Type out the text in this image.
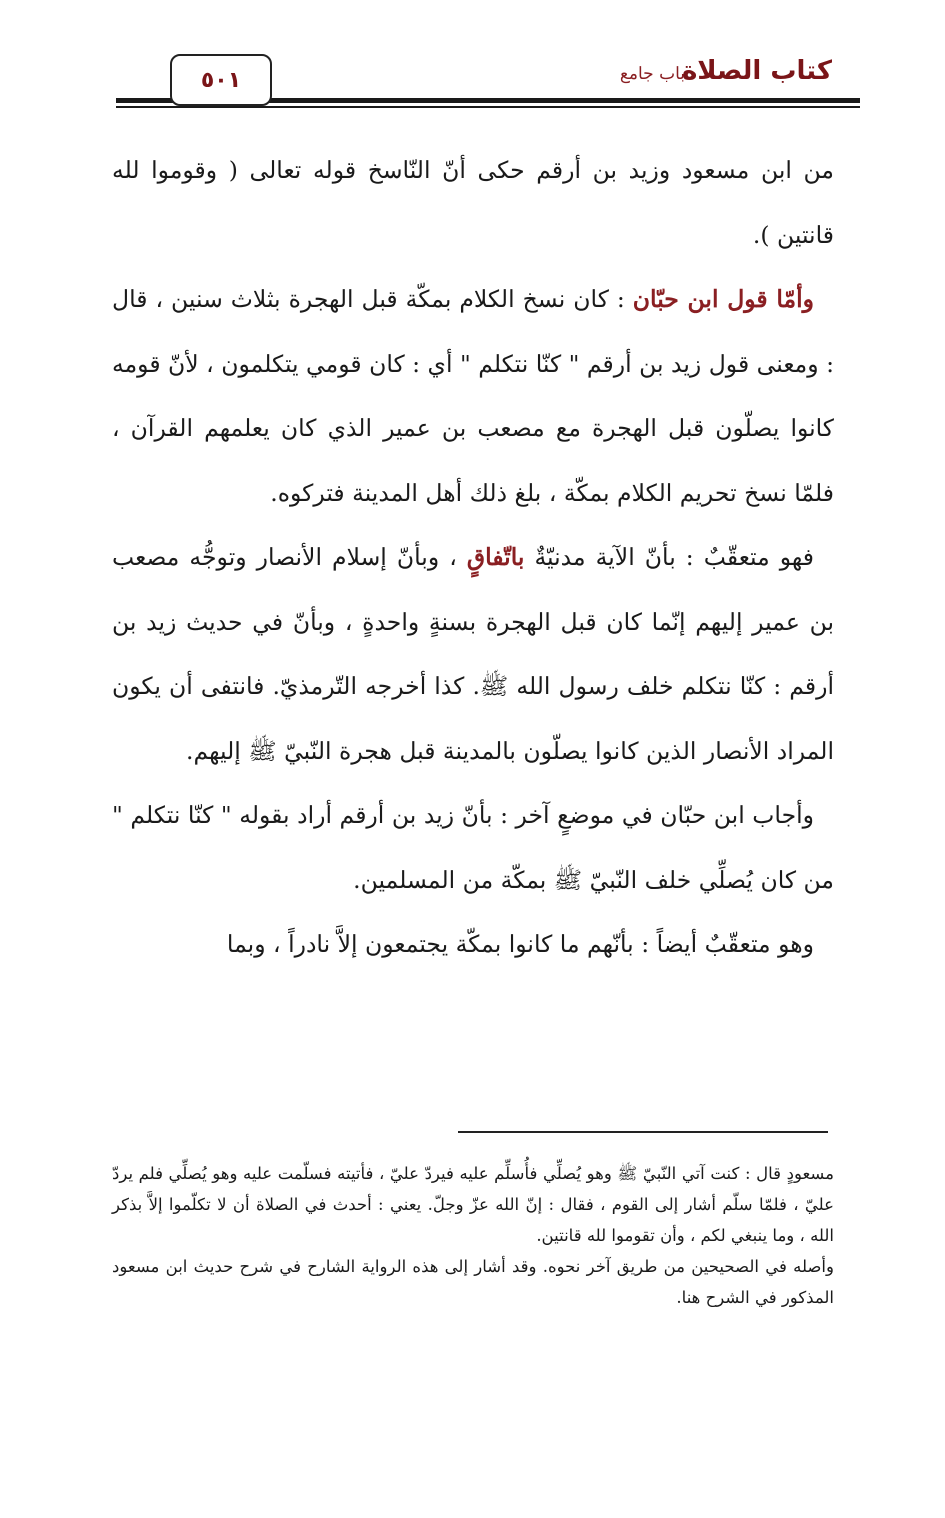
كتاب الصلاة
باب جامع
٥٠١

من ابن مسعود وزيد بن أرقم حكى أنّ النّاسخ قوله تعالى ( وقوموا لله قانتين ).

وأمّا قول ابن حبّان : كان نسخ الكلام بمكّة قبل الهجرة بثلاث سنين ، قال : ومعنى قول زيد بن أرقم " كنّا نتكلم " أي : كان قومي يتكلمون ، لأنّ قومه كانوا يصلّون قبل الهجرة مع مصعب بن عمير الذي كان يعلمهم القرآن ، فلمّا نسخ تحريم الكلام بمكّة ، بلغ ذلك أهل المدينة فتركوه.

فهو متعقّبٌ : بأنّ الآية مدنيّةٌ باتّفاقٍ ، وبأنّ إسلام الأنصار وتوجُّه مصعب بن عمير إليهم إنّما كان قبل الهجرة بسنةٍ واحدةٍ ، وبأنّ في حديث زيد بن أرقم : كنّا نتكلم خلف رسول الله ﷺ. كذا أخرجه التّرمذيّ. فانتفى أن يكون المراد الأنصار الذين كانوا يصلّون بالمدينة قبل هجرة النّبيّ ﷺ إليهم.

وأجاب ابن حبّان في موضعٍ آخر : بأنّ زيد بن أرقم أراد بقوله " كنّا نتكلم " من كان يُصلِّي خلف النّبيّ ﷺ بمكّة من المسلمين.

وهو متعقّبٌ أيضاً : بأنّهم ما كانوا بمكّة يجتمعون إلاَّ نادراً ، وبما

مسعودٍ قال : كنت آتي النّبيّ ﷺ وهو يُصلِّي فأُسلِّم عليه فيردّ عليّ ، فأتيته فسلّمت عليه وهو يُصلِّي فلم يردّ عليّ ، فلمّا سلّم أشار إلى القوم ، فقال : إنّ الله عزّ وجلّ. يعني : أحدث في الصلاة أن لا تكلّموا إلاَّ بذكر الله ، وما ينبغي لكم ، وأن تقوموا لله قانتين.

وأصله في الصحيحين من طريق آخر نحوه. وقد أشار إلى هذه الرواية الشارح في شرح حديث ابن مسعود المذكور في الشرح هنا.
